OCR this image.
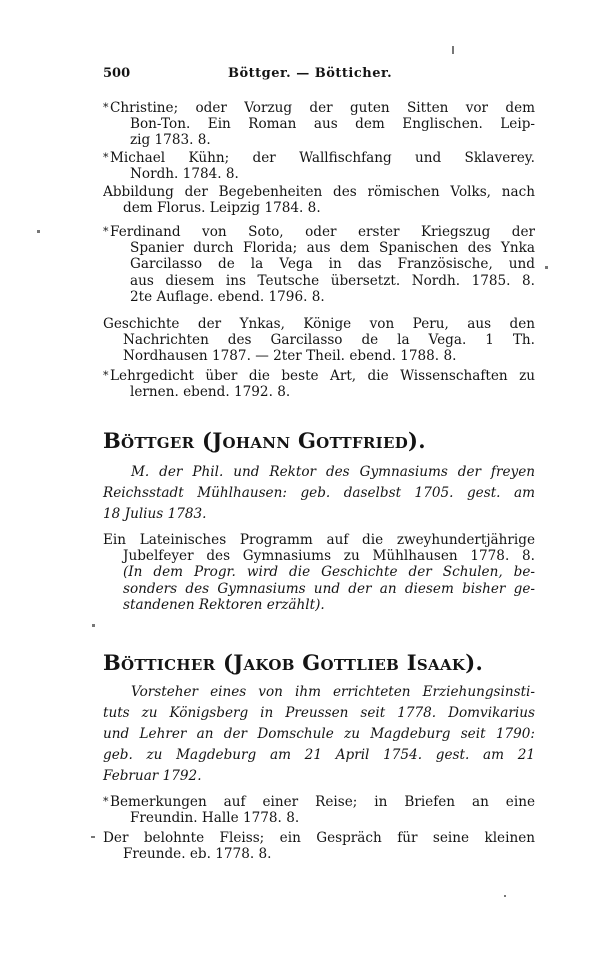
500	Böttger. — Bötticher.
* Christine; oder Vorzug der guten Sitten vor dem
Bon-Ton. Ein Roman aus dem Englischen. Leip-
zig 1783. 8.
* Michael Kühn; der Wallfischfang und Sklaverey.
Nordh. 1784. 8.
Abbildung der Begebenheiten des römischen Volks, nach
dem Florus. Leipzig 1784. 8.
* Ferdinand von Soto, oder erster Kriegszug der
Spanier durch Florida; aus dem Spanischen des Ynka
Garcilasso de la Vega in das Französische, und
aus diesem ins Teutsche übersetzt. Nordh. 1785. 8.
2te Auflage. ebend. 1796. 8.
Geschichte der Ynkas, Könige von Peru, aus den
Nachrichten des Garcilasso de la Vega. 1 Th.
Nordhausen 1787. — 2ter Theil. ebend. 1788. 8.
* Lehrgedicht über die beste Art, die Wissenschaften zu
lernen. ebend. 1792. 8.
Böttger (Johann Gottfried).
M. der Phil. und Rektor des Gymnasiums der freyen
Reichsstadt Mühlhausen: geb. daselbst 1705. gest. am
18 Julius 1783.
Ein Lateinisches Programm auf die zweyhundertjährige
Jubelfeyer des Gymnasiums zu Mühlhausen 1778. 8.
(In dem Progr. wird die Geschichte der Schulen, be-
sonders des Gymnasiums und der an diesem bisher ge-
standenen Rektoren erzählt).
Bötticher (Jakob Gottlieb Isaak).
Vorsteher eines von ihm errichteten Erziehungsinsti-
tuts zu Königsberg in Preussen seit 1778. Domvikarius
und Lehrer an der Domschule zu Magdeburg seit 1790:
geb. zu Magdeburg am 21 April 1754. gest. am 21
Februar 1792.
* Bemerkungen auf einer Reise; in Briefen an eine
Freundin. Halle 1778. 8.
Der belohnte Fleiss; ein Gespräch für seine kleinen
Freunde. eb. 1778. 8.
